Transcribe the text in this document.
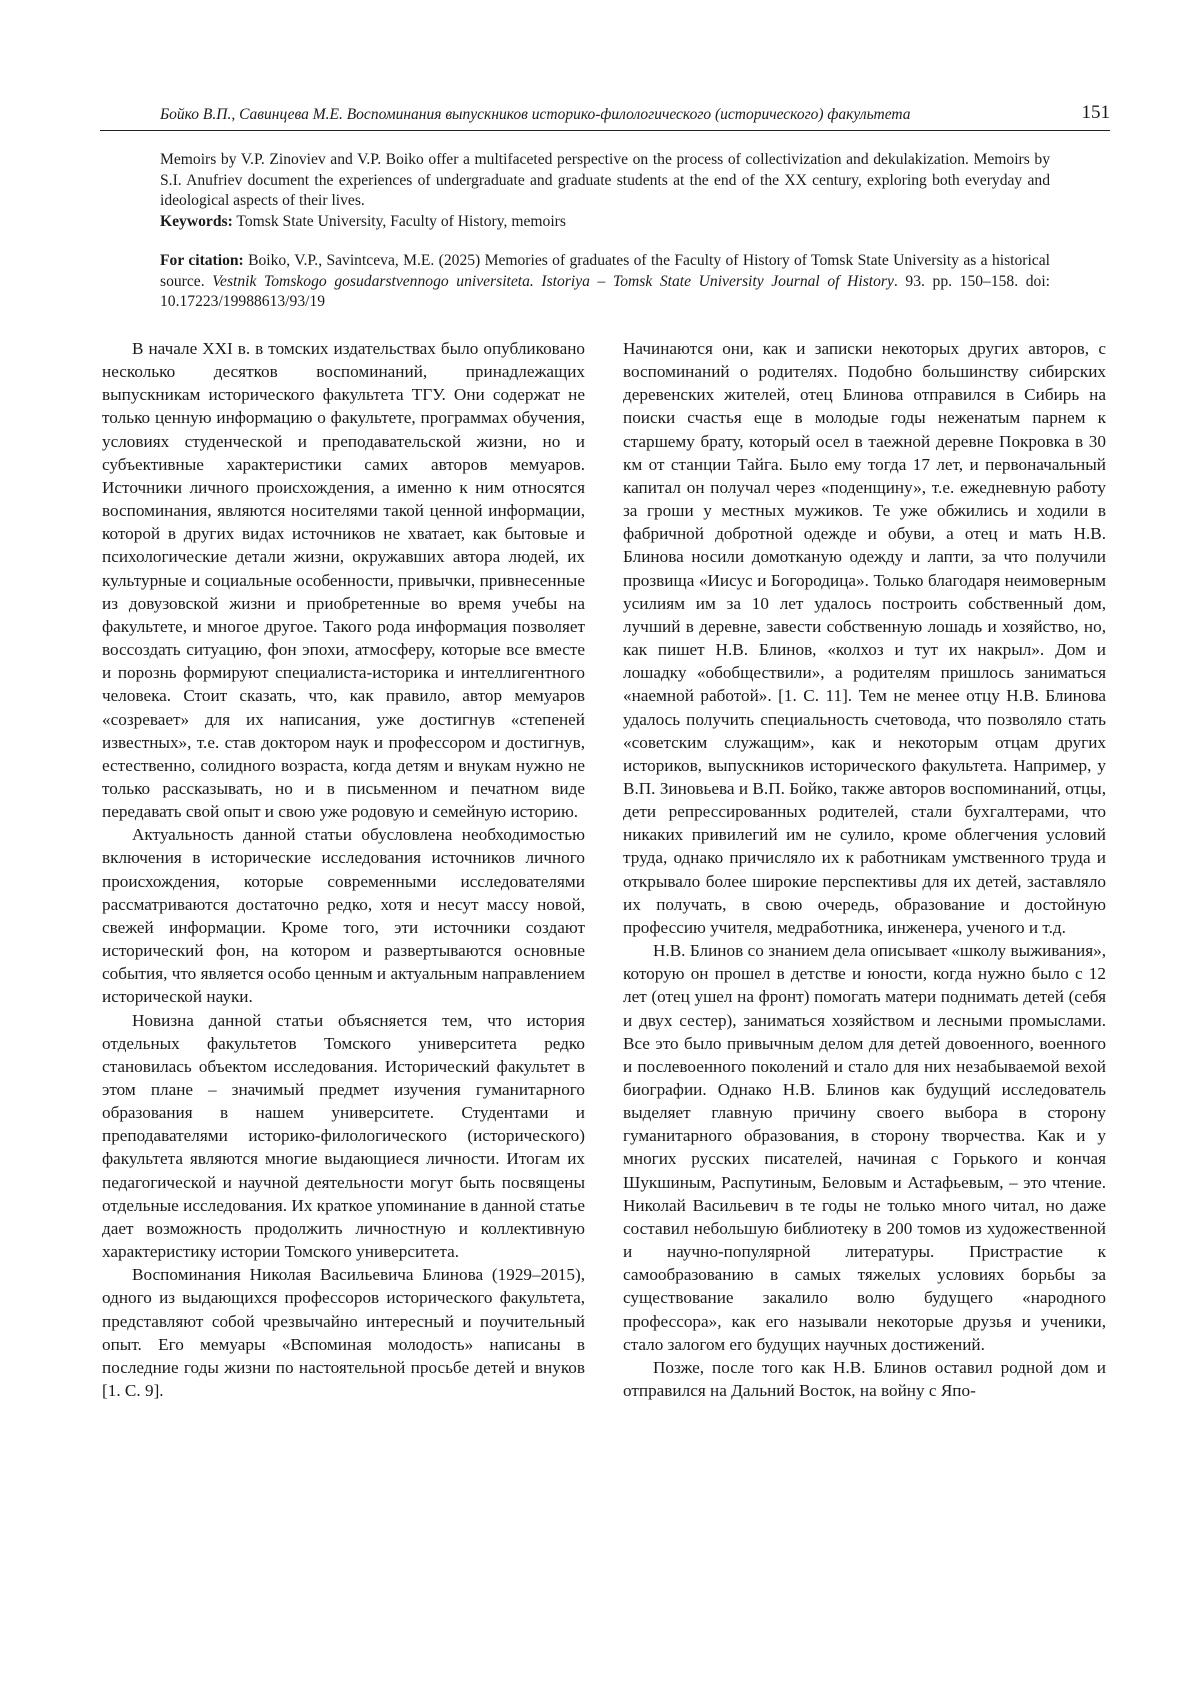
Бойко В.П., Савинцева М.Е. Воспоминания выпускников историко-филологического (исторического) факультета	151

Memoirs by V.P. Zinoviev and V.P. Boiko offer a multifaceted perspective on the process of collectivization and dekulakization. Memoirs by S.I. Anufriev document the experiences of undergraduate and graduate students at the end of the XX century, exploring both everyday and ideological aspects of their lives.

Keywords: Tomsk State University, Faculty of History, memoirs

For citation: Boiko, V.P., Savintceva, M.E. (2025) Memories of graduates of the Faculty of History of Tomsk State University as a historical source. Vestnik Tomskogo gosudarstvennogo universiteta. Istoriya – Tomsk State University Journal of History. 93. pp. 150–158. doi: 10.17223/19988613/93/19

В начале XXI в. в томских издательствах было опубликовано несколько десятков воспоминаний, принадлежащих выпускникам исторического факультета ТГУ. Они содержат не только ценную информацию о факультете, программах обучения, условиях студенческой и преподавательской жизни, но и субъективные характеристики самих авторов мемуаров. Источники личного происхождения, а именно к ним относятся воспоминания, являются носителями такой ценной информации, которой в других видах источников не хватает, как бытовые и психологические детали жизни, окружавших автора людей, их культурные и социальные особенности, привычки, привнесенные из довузовской жизни и приобретенные во время учебы на факультете, и многое другое. Такого рода информация позволяет воссоздать ситуацию, фон эпохи, атмосферу, которые все вместе и порознь формируют специалиста-историка и интеллигентного человека. Стоит сказать, что, как правило, автор мемуаров «созревает» для их написания, уже достигнув «степеней известных», т.е. став доктором наук и профессором и достигнув, естественно, солидного возраста, когда детям и внукам нужно не только рассказывать, но и в письменном и печатном виде передавать свой опыт и свою уже родовую и семейную историю.

Актуальность данной статьи обусловлена необходимостью включения в исторические исследования источников личного происхождения, которые современными исследователями рассматриваются достаточно редко, хотя и несут массу новой, свежей информации. Кроме того, эти источники создают исторический фон, на котором и развертываются основные события, что является особо ценным и актуальным направлением исторической науки.

Новизна данной статьи объясняется тем, что история отдельных факультетов Томского университета редко становилась объектом исследования. Исторический факультет в этом плане – значимый предмет изучения гуманитарного образования в нашем университете. Студентами и преподавателями историко-филологического (исторического) факультета являются многие выдающиеся личности. Итогам их педагогической и научной деятельности могут быть посвящены отдельные исследования. Их краткое упоминание в данной статье дает возможность продолжить личностную и коллективную характеристику истории Томского университета.

Воспоминания Николая Васильевича Блинова (1929–2015), одного из выдающихся профессоров исторического факультета, представляют собой чрезвычайно интересный и поучительный опыт. Его мемуары «Вспоминая молодость» написаны в последние годы жизни по настоятельной просьбе детей и внуков [1. С. 9].

Начинаются они, как и записки некоторых других авторов, с воспоминаний о родителях. Подобно большинству сибирских деревенских жителей, отец Блинова отправился в Сибирь на поиски счастья еще в молодые годы неженатым парнем к старшему брату, который осел в таежной деревне Покровка в 30 км от станции Тайга. Было ему тогда 17 лет, и первоначальный капитал он получал через «поденщину», т.е. ежедневную работу за гроши у местных мужиков. Те уже обжились и ходили в фабричной добротной одежде и обуви, а отец и мать Н.В. Блинова носили домотканую одежду и лапти, за что получили прозвища «Иисус и Богородица». Только благодаря неимоверным усилиям им за 10 лет удалось построить собственный дом, лучший в деревне, завести собственную лошадь и хозяйство, но, как пишет Н.В. Блинов, «колхоз и тут их накрыл». Дом и лошадку «обобществили», а родителям пришлось заниматься «наемной работой». [1. С. 11]. Тем не менее отцу Н.В. Блинова удалось получить специальность счетовода, что позволяло стать «советским служащим», как и некоторым отцам других историков, выпускников исторического факультета. Например, у В.П. Зиновьева и В.П. Бойко, также авторов воспоминаний, отцы, дети репрессированных родителей, стали бухгалтерами, что никаких привилегий им не сулило, кроме облегчения условий труда, однако причисляло их к работникам умственного труда и открывало более широкие перспективы для их детей, заставляло их получать, в свою очередь, образование и достойную профессию учителя, медработника, инженера, ученого и т.д.

Н.В. Блинов со знанием дела описывает «школу выживания», которую он прошел в детстве и юности, когда нужно было с 12 лет (отец ушел на фронт) помогать матери поднимать детей (себя и двух сестер), заниматься хозяйством и лесными промыслами. Все это было привычным делом для детей довоенного, военного и послевоенного поколений и стало для них незабываемой вехой биографии. Однако Н.В. Блинов как будущий исследователь выделяет главную причину своего выбора в сторону гуманитарного образования, в сторону творчества. Как и у многих русских писателей, начиная с Горького и кончая Шукшиным, Распутиным, Беловым и Астафьевым, – это чтение. Николай Васильевич в те годы не только много читал, но даже составил небольшую библиотеку в 200 томов из художественной и научно-популярной литературы. Пристрастие к самообразованию в самых тяжелых условиях борьбы за существование закалило волю будущего «народного профессора», как его называли некоторые друзья и ученики, стало залогом его будущих научных достижений.

Позже, после того как Н.В. Блинов оставил родной дом и отправился на Дальний Восток, на войну с Япо-
